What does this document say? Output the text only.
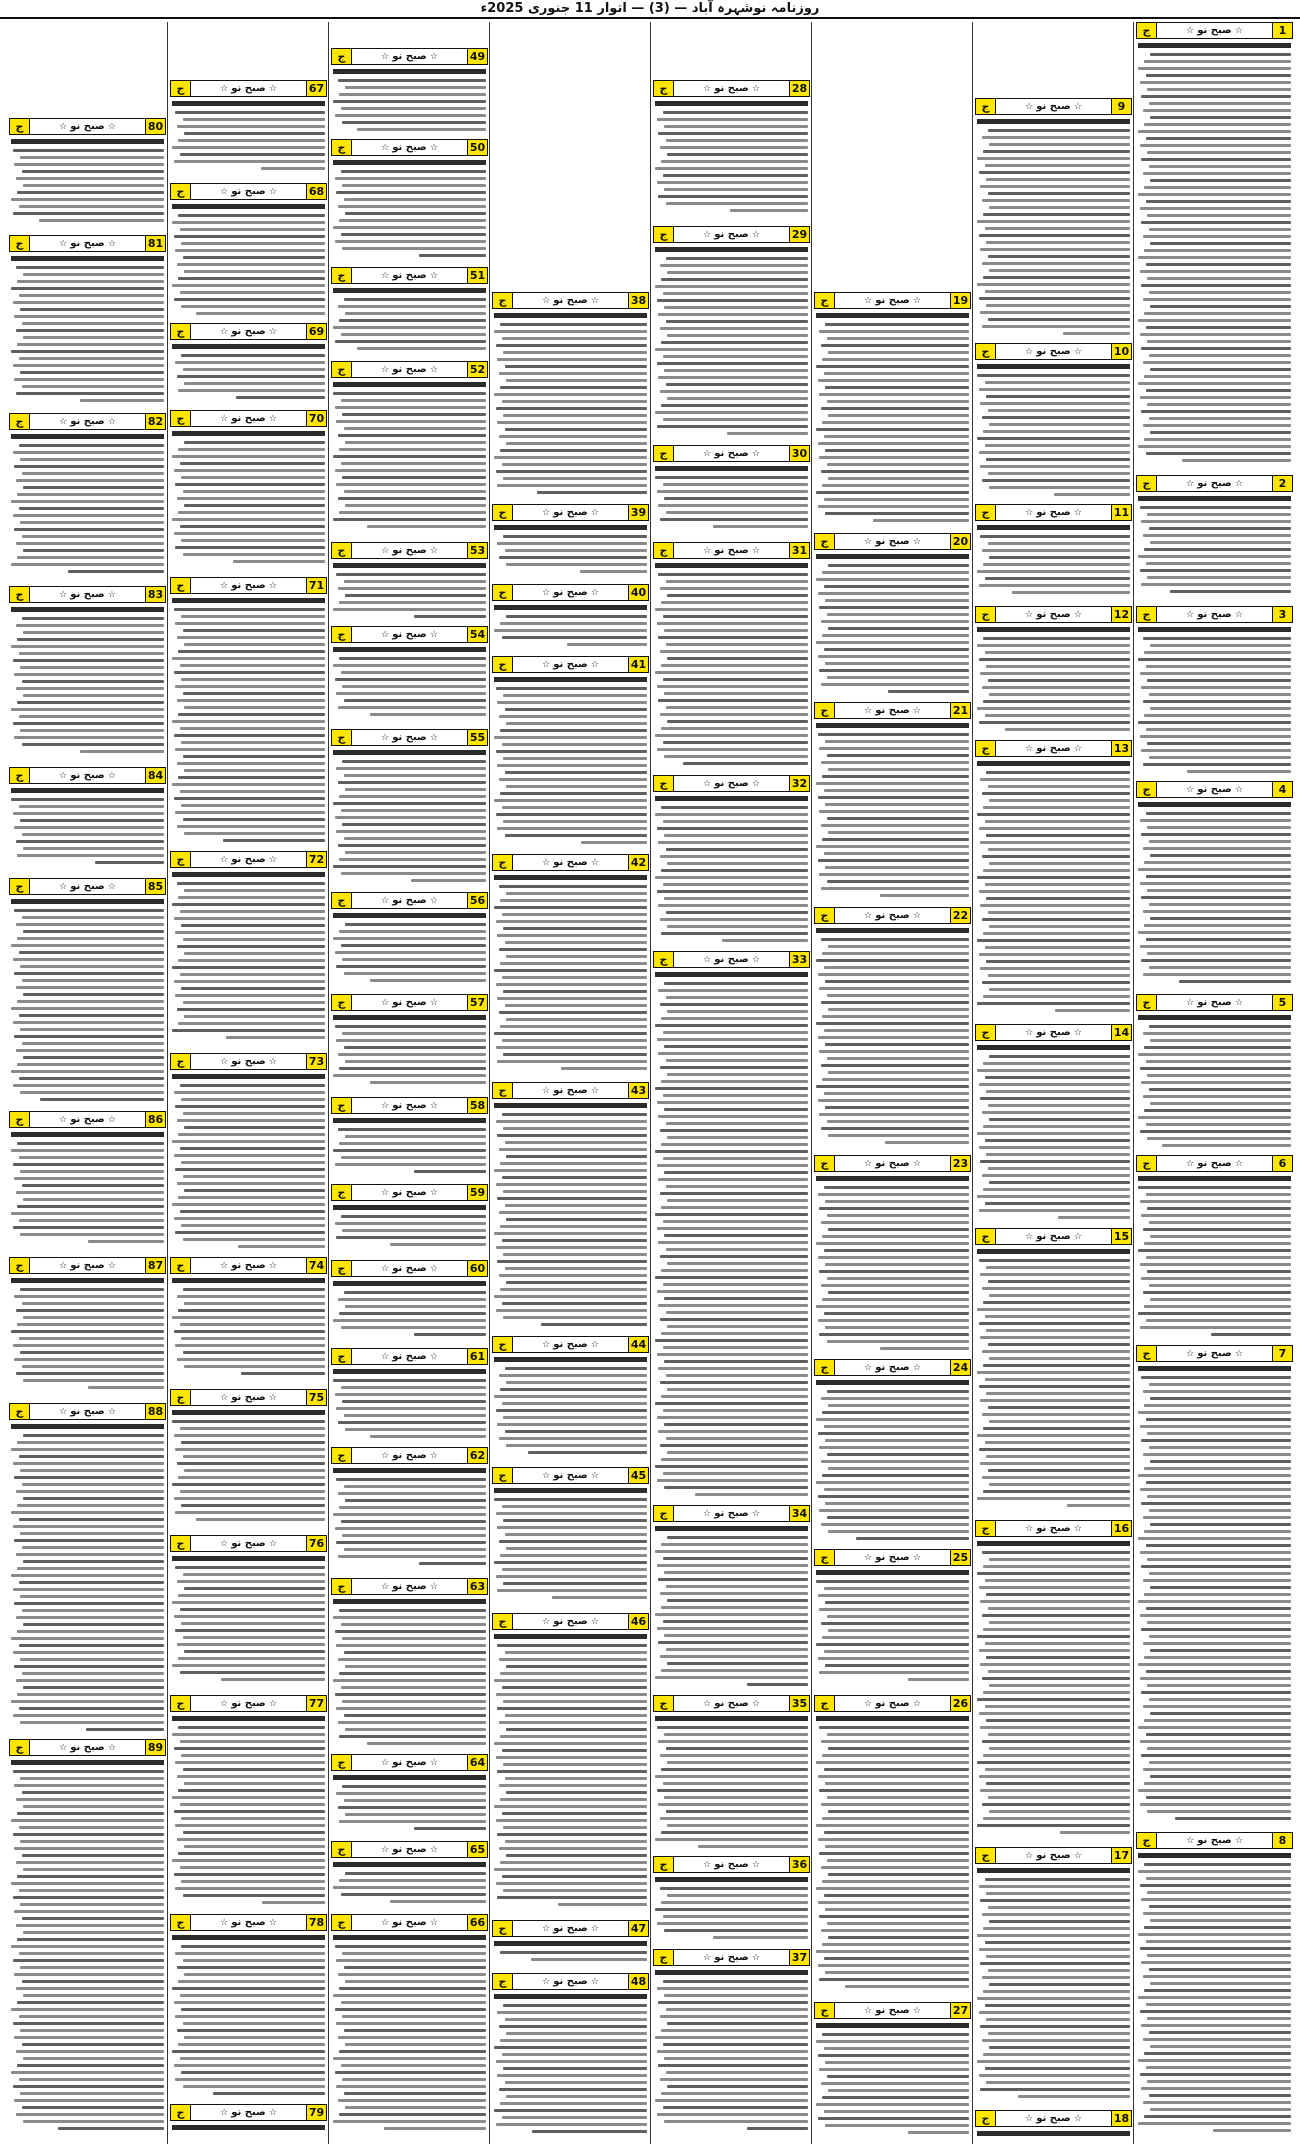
روزنامہ نوشہرہ آباد — (3) — اتوار 11 جنوری 2025ء
ج	☆ صبح نو ☆	1
ج	☆ صبح نو ☆	2
ج	☆ صبح نو ☆	3
ج	☆ صبح نو ☆	4
ج	☆ صبح نو ☆	5
ج	☆ صبح نو ☆	6
ج	☆ صبح نو ☆	7
ج	☆ صبح نو ☆	8
ج	☆ صبح نو ☆	9
ج	☆ صبح نو ☆	10
ج	☆ صبح نو ☆	11
ج	☆ صبح نو ☆	12
ج	☆ صبح نو ☆	13
ج	☆ صبح نو ☆	14
ج	☆ صبح نو ☆	15
ج	☆ صبح نو ☆	16
ج	☆ صبح نو ☆	17
ج	☆ صبح نو ☆	18
ج	☆ صبح نو ☆	19
ج	☆ صبح نو ☆	20
ج	☆ صبح نو ☆	21
ج	☆ صبح نو ☆	22
ج	☆ صبح نو ☆	23
ج	☆ صبح نو ☆	24
ج	☆ صبح نو ☆	25
ج	☆ صبح نو ☆	26
ج	☆ صبح نو ☆	27
ج	☆ صبح نو ☆	28
ج	☆ صبح نو ☆	29
ج	☆ صبح نو ☆	30
ج	☆ صبح نو ☆	31
ج	☆ صبح نو ☆	32
ج	☆ صبح نو ☆	33
ج	☆ صبح نو ☆	34
ج	☆ صبح نو ☆	35
ج	☆ صبح نو ☆	36
ج	☆ صبح نو ☆	37
ج	☆ صبح نو ☆	38
ج	☆ صبح نو ☆	39
ج	☆ صبح نو ☆	40
ج	☆ صبح نو ☆	41
ج	☆ صبح نو ☆	42
ج	☆ صبح نو ☆	43
ج	☆ صبح نو ☆	44
ج	☆ صبح نو ☆	45
ج	☆ صبح نو ☆	46
ج	☆ صبح نو ☆	47
ج	☆ صبح نو ☆	48
ج	☆ صبح نو ☆	49
ج	☆ صبح نو ☆	50
ج	☆ صبح نو ☆	51
ج	☆ صبح نو ☆	52
ج	☆ صبح نو ☆	53
ج	☆ صبح نو ☆	54
ج	☆ صبح نو ☆	55
ج	☆ صبح نو ☆	56
ج	☆ صبح نو ☆	57
ج	☆ صبح نو ☆	58
ج	☆ صبح نو ☆	59
ج	☆ صبح نو ☆	60
ج	☆ صبح نو ☆	61
ج	☆ صبح نو ☆	62
ج	☆ صبح نو ☆	63
ج	☆ صبح نو ☆	64
ج	☆ صبح نو ☆	65
ج	☆ صبح نو ☆	66
ج	☆ صبح نو ☆	67
ج	☆ صبح نو ☆	68
ج	☆ صبح نو ☆	69
ج	☆ صبح نو ☆	70
ج	☆ صبح نو ☆	71
ج	☆ صبح نو ☆	72
ج	☆ صبح نو ☆	73
ج	☆ صبح نو ☆	74
ج	☆ صبح نو ☆	75
ج	☆ صبح نو ☆	76
ج	☆ صبح نو ☆	77
ج	☆ صبح نو ☆	78
ج	☆ صبح نو ☆	79
ج	☆ صبح نو ☆	80
ج	☆ صبح نو ☆	81
ج	☆ صبح نو ☆	82
ج	☆ صبح نو ☆	83
ج	☆ صبح نو ☆	84
ج	☆ صبح نو ☆	85
ج	☆ صبح نو ☆	86
ج	☆ صبح نو ☆	87
ج	☆ صبح نو ☆	88
ج	☆ صبح نو ☆	89
